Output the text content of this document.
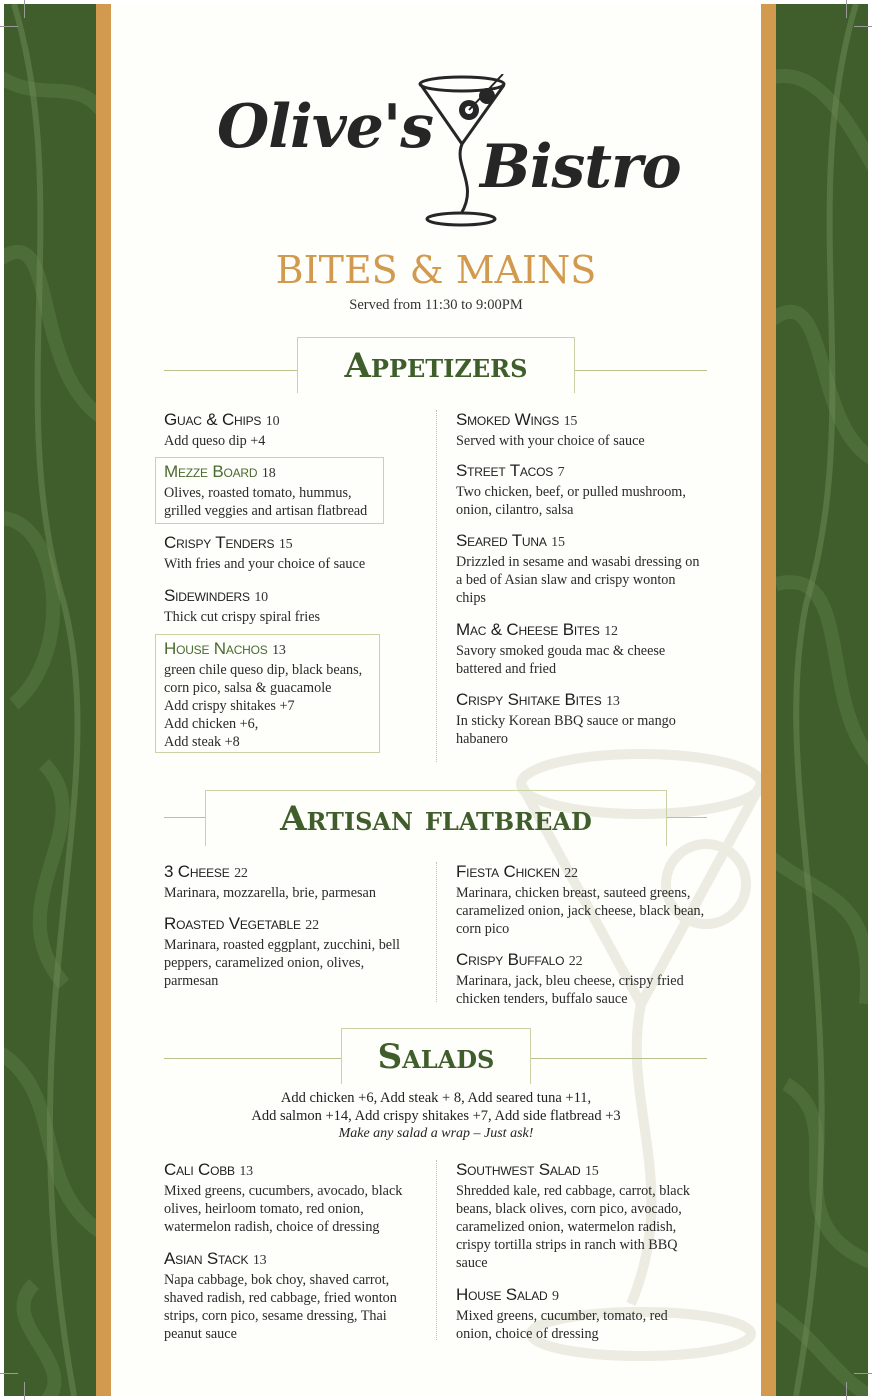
Olive's
Bistro
BITES & MAINS
Served from 11:30 to 9:00PM
Appetizers
Guac & Chips 10
Add queso dip +4
Mezze Board 18
Olives, roasted tomato, hummus, grilled veggies and artisan flatbread
Crispy Tenders 15
With fries and your choice of sauce
Sidewinders 10
Thick cut crispy spiral fries
House Nachos 13
green chile queso dip, black beans, corn pico, salsa & guacamole
Add crispy shitakes +7
Add chicken +6,
Add steak +8
Smoked Wings 15
Served with your choice of sauce
Street Tacos 7
Two chicken, beef, or pulled mushroom, onion, cilantro, salsa
Seared Tuna 15
Drizzled in sesame and wasabi dressing on a bed of Asian slaw and crispy wonton chips
Mac & Cheese Bites 12
Savory smoked gouda mac & cheese battered and fried
Crispy Shitake Bites 13
In sticky Korean BBQ sauce or mango habanero
Artisan flatbread
3 Cheese 22
Marinara, mozzarella, brie, parmesan
Roasted Vegetable 22
Marinara, roasted eggplant, zucchini, bell peppers, caramelized onion, olives, parmesan
Fiesta Chicken 22
Marinara, chicken breast, sauteed greens, caramelized onion, jack cheese, black bean, corn pico
Crispy Buffalo 22
Marinara, jack, bleu cheese, crispy fried chicken tenders, buffalo sauce
Salads
Add chicken +6, Add steak + 8, Add seared tuna +11,
Add salmon +14, Add crispy shitakes +7, Add side flatbread +3
Make any salad a wrap – Just ask!
Cali Cobb 13
Mixed greens, cucumbers, avocado, black olives, heirloom tomato, red onion, watermelon radish, choice of dressing
Asian Stack 13
Napa cabbage, bok choy, shaved carrot, shaved radish, red cabbage, fried wonton strips, corn pico, sesame dressing, Thai peanut sauce
Southwest Salad 15
Shredded kale, red cabbage, carrot, black beans, black olives, corn pico, avocado, caramelized onion, watermelon radish, crispy tortilla strips in ranch with BBQ sauce
House Salad 9
Mixed greens, cucumber, tomato, red onion, choice of dressing
